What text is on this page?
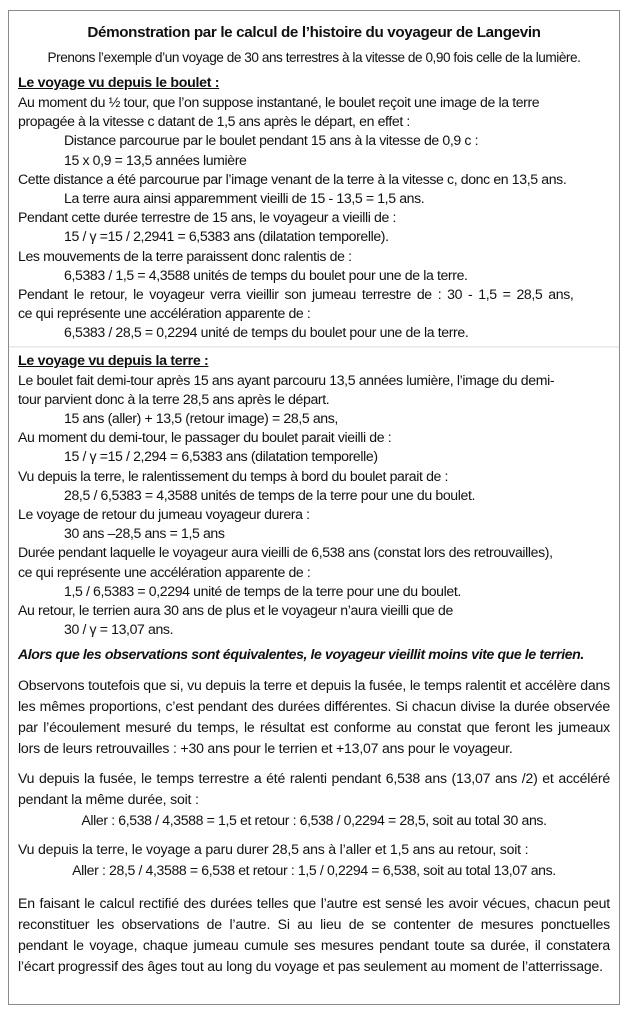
Démonstration par le calcul de l’histoire du voyageur de Langevin
Prenons l’exemple d’un voyage de 30 ans terrestres à la vitesse de 0,90 fois celle de la lumière.
Le voyage vu depuis le boulet :
Au moment du ½ tour, que l’on suppose instantané, le boulet reçoit une image de la terre
propagée à la vitesse c datant de 1,5 ans après le départ, en effet :
Distance parcourue par le boulet pendant 15 ans à la vitesse de 0,9 c :
15 x 0,9 = 13,5 années lumière
Cette distance a été parcourue par l’image venant de la terre à la vitesse c, donc en 13,5 ans.
La terre aura ainsi apparemment vieilli de 15 - 13,5 = 1,5 ans.
Pendant cette durée terrestre de 15 ans, le voyageur a vieilli de :
15 / γ =15 / 2,2941 = 6,5383 ans (dilatation temporelle).
Les mouvements de la terre paraissent donc ralentis de :
6,5383 / 1,5 = 4,3588 unités de temps du boulet pour une de la terre.
Pendant le retour, le voyageur verra vieillir son jumeau terrestre de : 30 - 1,5 = 28,5 ans,
ce qui représente une accélération apparente de :
6,5383 / 28,5 = 0,2294 unité de temps du boulet pour une de la terre.
Le voyage vu depuis la terre :
Le boulet fait demi-tour après 15 ans ayant parcouru 13,5 années lumière, l’image du demi-
tour parvient donc à la terre 28,5 ans après le départ.
15 ans (aller) + 13,5 (retour image) = 28,5 ans,
Au moment du demi-tour, le passager du boulet parait vieilli de :
15 / γ =15 / 2,294 = 6,5383 ans (dilatation temporelle)
Vu depuis la terre, le ralentissement du temps à bord du boulet parait de :
28,5 / 6,5383 = 4,3588 unités de temps de la terre pour une du boulet.
Le voyage de retour du jumeau voyageur durera :
30 ans –28,5 ans = 1,5 ans
Durée pendant laquelle le voyageur aura vieilli de 6,538 ans (constat lors des retrouvailles),
ce qui représente une accélération apparente de :
1,5 / 6,5383 = 0,2294 unité de temps de la terre pour une du boulet.
Au retour, le terrien aura 30 ans de plus et le voyageur n’aura vieilli que de
30 / γ = 13,07 ans.
Alors que les observations sont équivalentes, le voyageur vieillit moins vite que le terrien.
Observons toutefois que si, vu depuis la terre et depuis la fusée, le temps ralentit et accélère dans les mêmes proportions, c’est pendant des durées différentes. Si chacun divise la durée observée par l’écoulement mesuré du temps, le résultat est conforme au constat que feront les jumeaux lors de leurs retrouvailles : +30 ans pour le terrien et +13,07 ans pour le voyageur.
Vu depuis la fusée, le temps terrestre a été ralenti pendant 6,538 ans (13,07 ans /2) et accéléré pendant la même durée, soit :
Aller : 6,538 / 4,3588 = 1,5 et retour : 6,538 / 0,2294 = 28,5, soit au total 30 ans.
Vu depuis la terre, le voyage a paru durer 28,5 ans à l’aller et 1,5 ans au retour, soit :
Aller : 28,5 / 4,3588 = 6,538 et retour : 1,5 / 0,2294 = 6,538, soit au total 13,07 ans.
En faisant le calcul rectifié des durées telles que l’autre est sensé les avoir vécues, chacun peut reconstituer les observations de l’autre. Si au lieu de se contenter de mesures ponctuelles pendant le voyage, chaque jumeau cumule ses mesures pendant toute sa durée, il constatera l’écart progressif des âges tout au long du voyage et pas seulement au moment de l’atterrissage.
